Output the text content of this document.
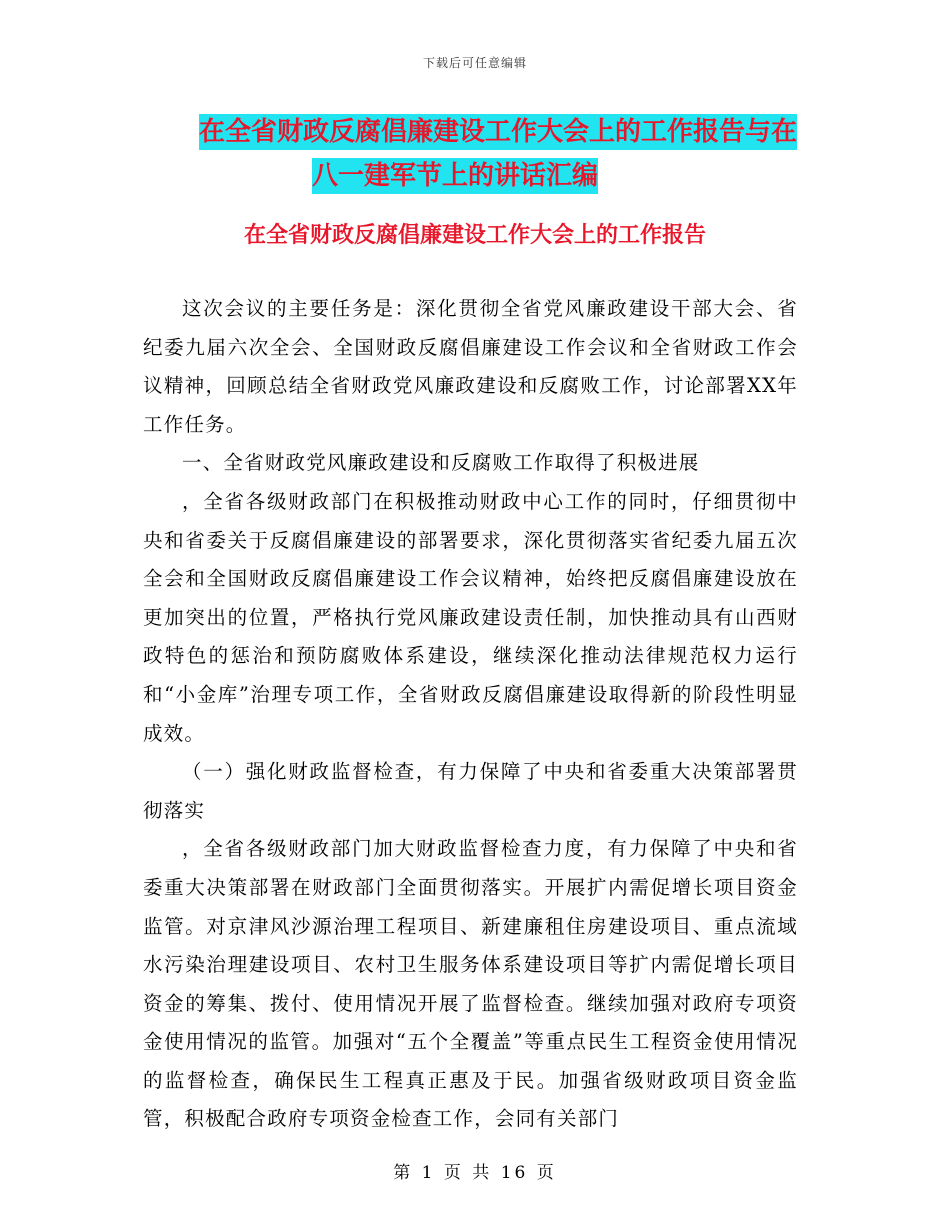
下载后可任意编辑
在全省财政反腐倡廉建设工作大会上的工作报告与在
八一建军节上的讲话汇编
在全省财政反腐倡廉建设工作大会上的工作报告

这次会议的主要任务是：深化贯彻全省党风廉政建设干部大会、省纪委九届六次全会、全国财政反腐倡廉建设工作会议和全省财政工作会议精神，回顾总结全省财政党风廉政建设和反腐败工作，讨论部署XX年工作任务。

一、全省财政党风廉政建设和反腐败工作取得了积极进展

，全省各级财政部门在积极推动财政中心工作的同时，仔细贯彻中央和省委关于反腐倡廉建设的部署要求，深化贯彻落实省纪委九届五次全会和全国财政反腐倡廉建设工作会议精神，始终把反腐倡廉建设放在更加突出的位置，严格执行党风廉政建设责任制，加快推动具有山西财政特色的惩治和预防腐败体系建设，继续深化推动法律规范权力运行和“小金库”治理专项工作，全省财政反腐倡廉建设取得新的阶段性明显成效。

（一）强化财政监督检查，有力保障了中央和省委重大决策部署贯彻落实

，全省各级财政部门加大财政监督检查力度，有力保障了中央和省委重大决策部署在财政部门全面贯彻落实。开展扩内需促增长项目资金监管。对京津风沙源治理工程项目、新建廉租住房建设项目、重点流域水污染治理建设项目、农村卫生服务体系建设项目等扩内需促增长项目资金的筹集、拨付、使用情况开展了监督检查。继续加强对政府专项资金使用情况的监管。加强对“五个全覆盖”等重点民生工程资金使用情况的监督检查，确保民生工程真正惠及于民。加强省级财政项目资金监管，积极配合政府专项资金检查工作，会同有关部门

第 1 页 共 16 页
